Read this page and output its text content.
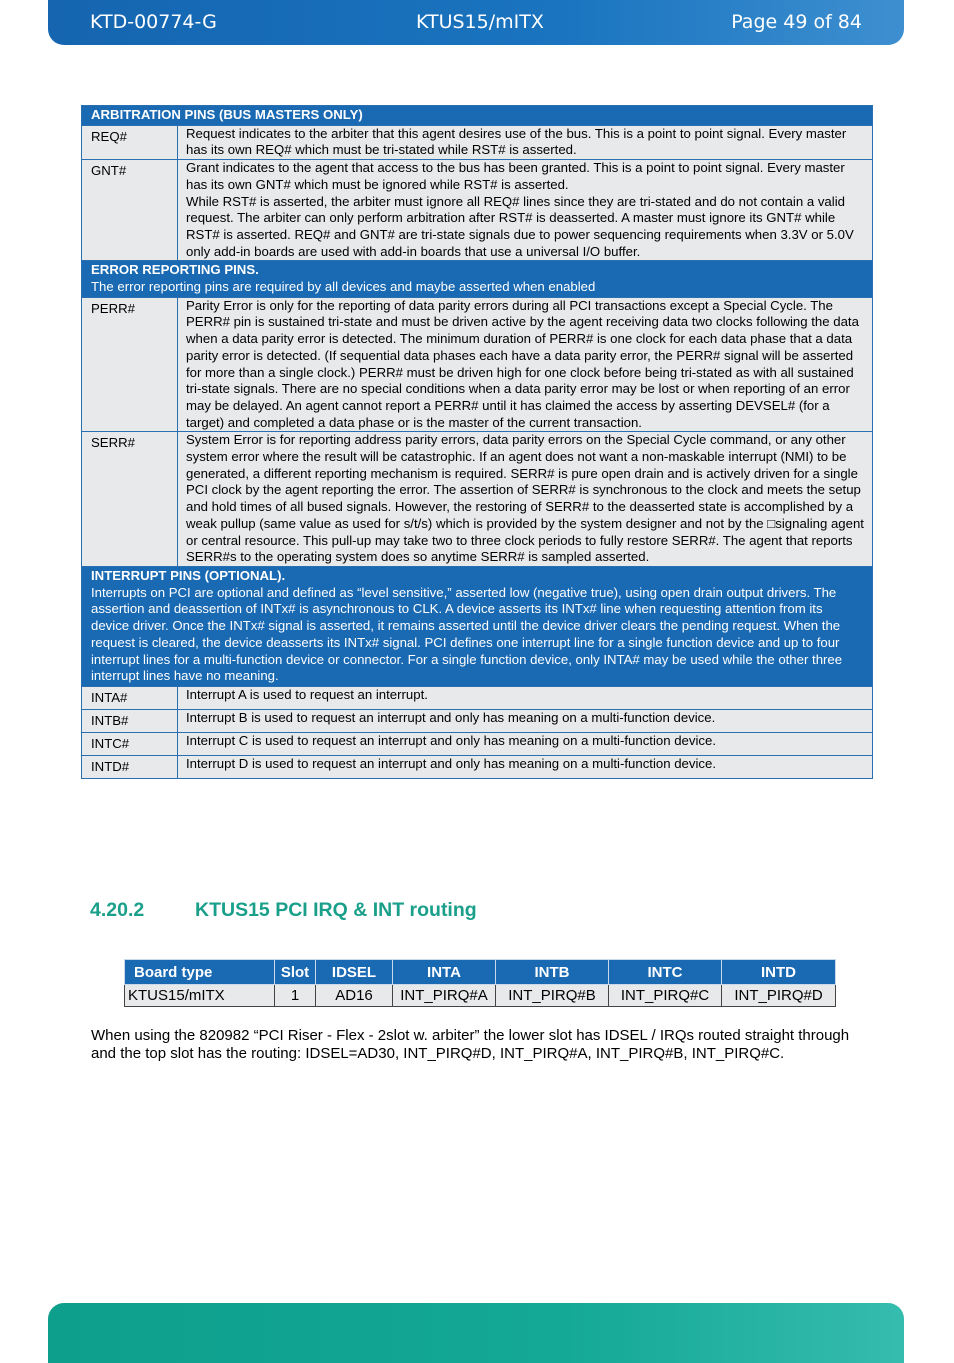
KTD-00774-G	KTUS15/mITX	Page 49 of 84
ARBITRATION PINS (BUS MASTERS ONLY)	

REQ#	Request indicates to the arbiter that this agent desires use of the bus. This is a point to point signal. Every master has its own REQ# which must be tri-stated while RST# is asserted.
GNT#	Grant indicates to the agent that access to the bus has been granted. This is a point to point signal. Every master has its own GNT# which must be ignored while RST# is asserted.
While RST# is asserted, the arbiter must ignore all REQ# lines since they are tri-stated and do not contain a valid request. The arbiter can only perform arbitration after RST# is deasserted. A master must ignore its GNT# while RST# is asserted. REQ# and GNT# are tri-state signals due to power sequencing requirements when 3.3V or 5.0V only add-in boards are used with add-in boards that use a universal I/O buffer.

ERROR REPORTING PINS.
The error reporting pins are required by all devices and maybe asserted when enabled	

PERR#	Parity Error is only for the reporting of data parity errors during all PCI transactions except a Special Cycle. The PERR# pin is sustained tri-state and must be driven active by the agent receiving data two clocks following the data when a data parity error is detected. The minimum duration of PERR# is one clock for each data phase that a data parity error is detected. (If sequential data phases each have a data parity error, the PERR# signal will be asserted for more than a single clock.) PERR# must be driven high for one clock before being tri-stated as with all sustained tri-state signals. There are no special conditions when a data parity error may be lost or when reporting of an error may be delayed. An agent cannot report a PERR# until it has claimed the access by asserting DEVSEL# (for a target) and completed a data phase or is the master of the current transaction.
SERR#	System Error is for reporting address parity errors, data parity errors on the Special Cycle command, or any other system error where the result will be catastrophic. If an agent does not want a non-maskable interrupt (NMI) to be generated, a different reporting mechanism is required. SERR# is pure open drain and is actively driven for a single PCI clock by the agent reporting the error. The assertion of SERR# is synchronous to the clock and meets the setup and hold times of all bused signals. However, the restoring of SERR# to the deasserted state is accomplished by a weak pullup (same value as used for s/t/s) which is provided by the system designer and not by the □signaling agent or central resource. This pull-up may take two to three clock periods to fully restore SERR#. The agent that reports SERR#s to the operating system does so anytime SERR# is sampled asserted.

INTERRUPT PINS (OPTIONAL).
Interrupts on PCI are optional and defined as “level sensitive,” asserted low (negative true), using open drain output drivers. The assertion and deassertion of INTx# is asynchronous to CLK. A device asserts its INTx# line when requesting attention from its device driver. Once the INTx# signal is asserted, it remains asserted until the device driver clears the pending request. When the request is cleared, the device deasserts its INTx# signal. PCI defines one interrupt line for a single function device and up to four interrupt lines for a multi-function device or connector. For a single function device, only INTA# may be used while the other three interrupt lines have no meaning.	

INTA#	Interrupt A is used to request an interrupt.
INTB#	Interrupt B is used to request an interrupt and only has meaning on a multi-function device.
INTC#	Interrupt C is used to request an interrupt and only has meaning on a multi-function device.
INTD#	Interrupt D is used to request an interrupt and only has meaning on a multi-function device.
4.20.2	KTUS15 PCI IRQ & INT routing
Board type	Slot	IDSEL	INTA	INTB	INTC	INTD
KTUS15/mITX	1	AD16	INT_PIRQ#A	INT_PIRQ#B	INT_PIRQ#C	INT_PIRQ#D
When using the 820982 “PCI Riser - Flex - 2slot w. arbiter” the lower slot has IDSEL / IRQs routed straight through and the top slot has the routing: IDSEL=AD30, INT_PIRQ#D, INT_PIRQ#A, INT_PIRQ#B, INT_PIRQ#C.
